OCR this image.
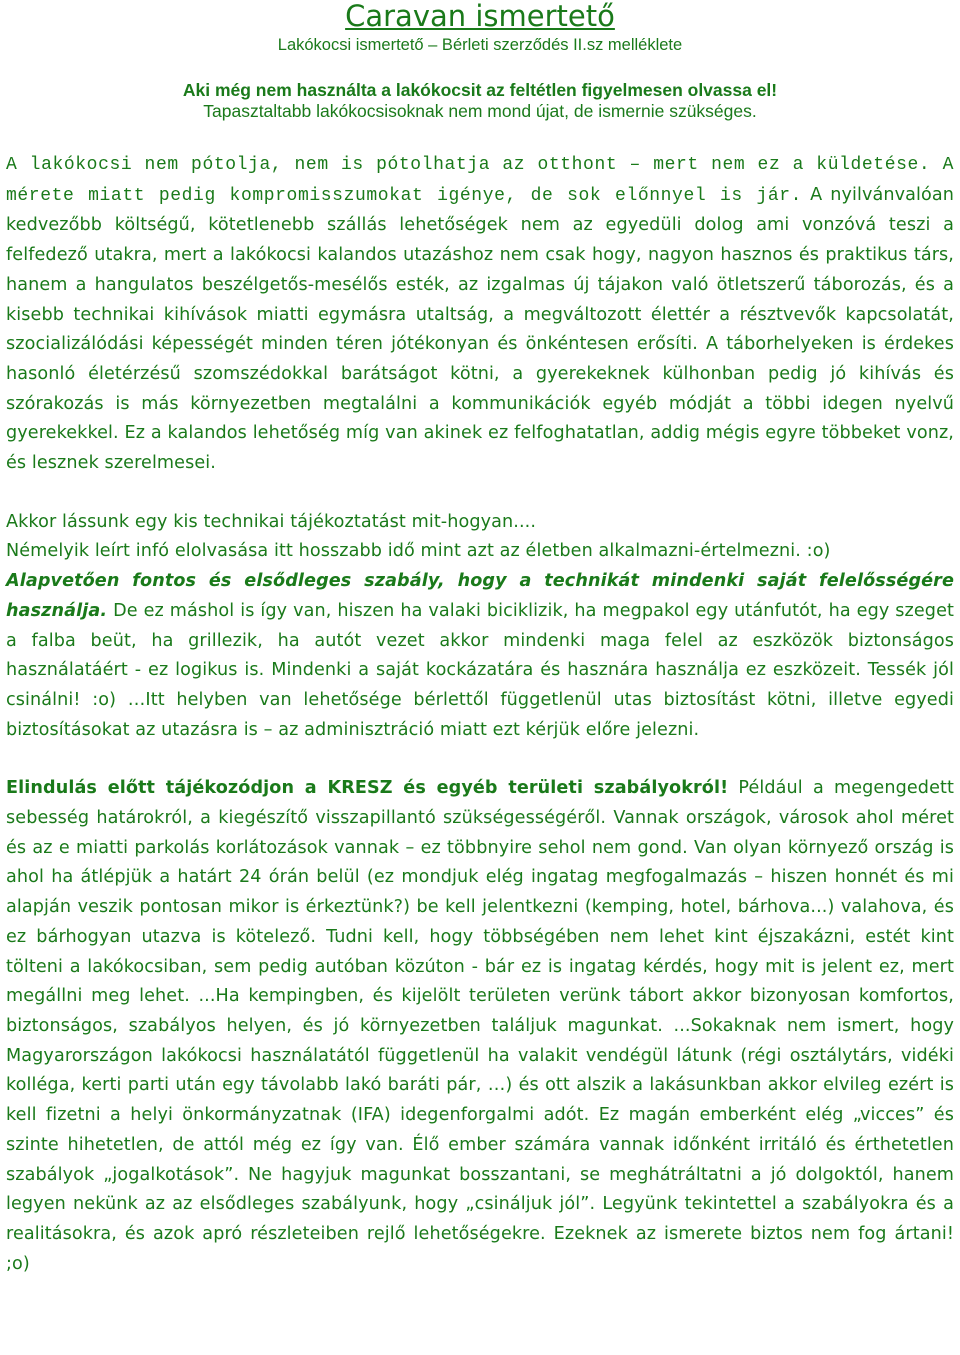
Caravan ismertető
Lakókocsi ismertető – Bérleti szerződés II.sz melléklete
Aki még nem használta a lakókocsit az feltétlen figyelmesen olvassa el!
Tapasztaltabb lakókocsisoknak nem mond újat, de ismernie szükséges.

A lakókocsi nem pótolja, nem is pótolhatja az otthont – mert nem ez a küldetése. A mérete miatt pedig kompromisszumokat igénye, de sok előnnyel is jár. A nyilvánvalóan kedvezőbb költségű, kötetlenebb szállás lehetőségek nem az egyedüli dolog ami vonzóvá teszi a felfedező utakra, mert a lakókocsi kalandos utazáshoz nem csak hogy, nagyon hasznos és praktikus társ, hanem a hangulatos beszélgetős-mesélős esték, az izgalmas új tájakon való ötletszerű táborozás, és a kisebb technikai kihívások miatti egymásra utaltság, a megváltozott élettér a résztvevők kapcsolatát, szocializálódási képességét minden téren jótékonyan és önkéntesen erősíti. A táborhelyeken is érdekes hasonló életérzésű szomszédokkal barátságot kötni, a gyerekeknek külhonban pedig jó kihívás és szórakozás is más környezetben megtalálni a kommunikációk egyéb módját a többi idegen nyelvű gyerekekkel. Ez a kalandos lehetőség míg van akinek ez felfoghatatlan, addig mégis egyre többeket vonz, és lesznek szerelmesei.

Akkor lássunk egy kis technikai tájékoztatást mit-hogyan....
Némelyik leírt infó elolvasása itt hosszabb idő mint azt az életben alkalmazni-értelmezni. :o)
Alapvetően fontos és elsődleges szabály, hogy a technikát mindenki saját felelősségére használja. De ez máshol is így van, hiszen ha valaki biciklizik, ha megpakol egy utánfutót, ha egy szeget a falba beüt, ha grillezik, ha autót vezet akkor mindenki maga felel az eszközök biztonságos használatáért - ez logikus is. Mindenki a saját kockázatára és hasznára használja ez eszközeit. Tessék jól csinálni! :o) …Itt helyben van lehetősége bérlettől függetlenül utas biztosítást kötni, illetve egyedi biztosításokat az utazásra is – az adminisztráció miatt ezt kérjük előre jelezni.

Elindulás előtt tájékozódjon a KRESZ és egyéb területi szabályokról! Például a megengedett sebesség határokról, a kiegészítő visszapillantó szükségességéről. Vannak országok, városok ahol méret és az e miatti parkolás korlátozások vannak – ez többnyire sehol nem gond. Van olyan környező ország is ahol ha átlépjük a határt 24 órán belül (ez mondjuk elég ingatag megfogalmazás – hiszen honnét és mi alapján veszik pontosan mikor is érkeztünk?) be kell jelentkezni (kemping, hotel, bárhova...) valahova, és ez bárhogyan utazva is kötelező. Tudni kell, hogy többségében nem lehet kint éjszakázni, estét kint tölteni a lakókocsiban, sem pedig autóban közúton - bár ez is ingatag kérdés, hogy mit is jelent ez, mert megállni meg lehet. ...Ha kempingben, és kijelölt területen verünk tábort akkor bizonyosan komfortos, biztonságos, szabályos helyen, és jó környezetben találjuk magunkat. ...Sokaknak nem ismert, hogy Magyarországon lakókocsi használatától függetlenül ha valakit vendégül látunk (régi osztálytárs, vidéki kolléga, kerti parti után egy távolabb lakó baráti pár, …) és ott alszik a lakásunkban akkor elvileg ezért is kell fizetni a helyi önkormányzatnak (IFA) idegenforgalmi adót. Ez magán emberként elég „vicces” és szinte hihetetlen, de attól még ez így van. Élő ember számára vannak időnként irritáló és érthetetlen szabályok „jogalkotások”. Ne hagyjuk magunkat bosszantani, se meghátráltatni a jó dolgoktól, hanem legyen nekünk az az elsődleges szabályunk, hogy „csináljuk jól”. Legyünk tekintettel a szabályokra és a realitásokra, és azok apró részleteiben rejlő lehetőségekre. Ezeknek az ismerete biztos nem fog ártani! ;o)
